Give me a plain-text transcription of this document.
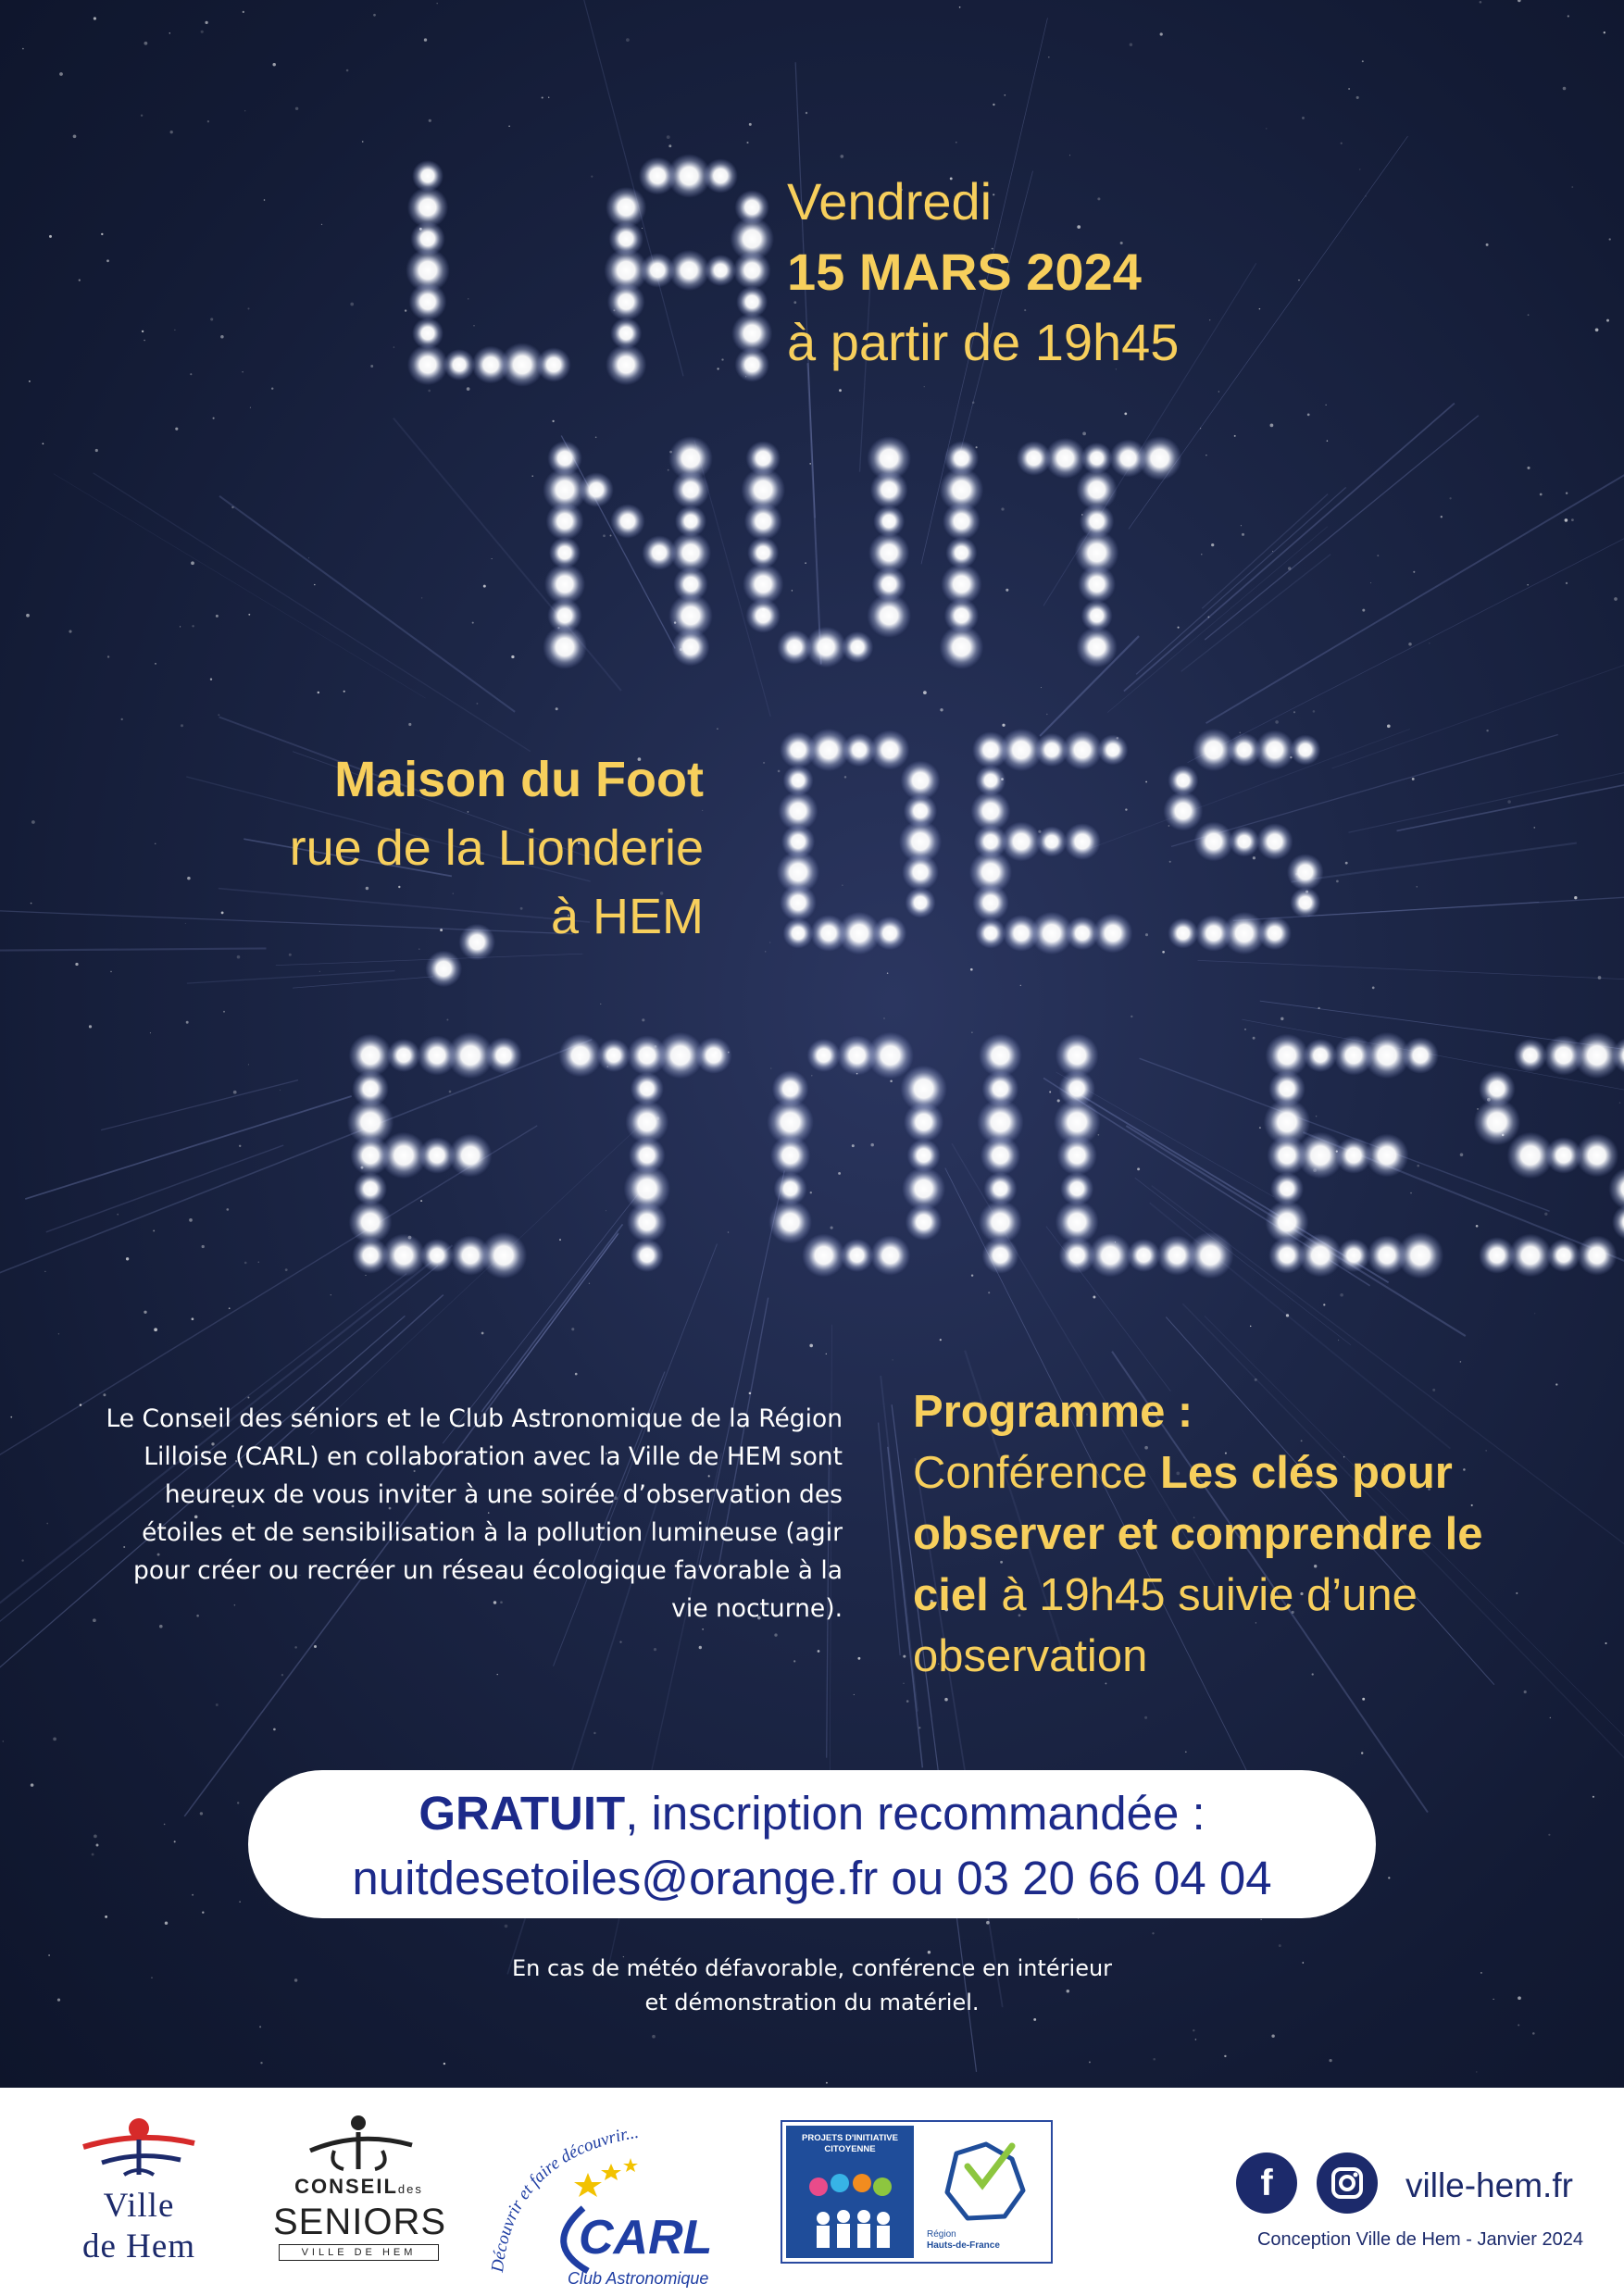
Vendredi
15 MARS 2024
à partir de 19h45
Maison du Foot
rue de la Lionderie
à HEM
Le Conseil des séniors et le Club Astronomique de la Région Lilloise (CARL) en collaboration avec la Ville de HEM sont heureux de vous inviter à une soirée d’observation des étoiles et de sensibilisation à la pollution lumineuse (agir pour créer ou recréer un réseau écologique favorable à la vie nocturne).
Programme :
Conférence Les clés pour observer et comprendre le ciel à 19h45 suivie d’une observation
GRATUIT, inscription recommandée :
nuitdesetoiles@orange.fr ou 03 20 66 04 04
En cas de météo défavorable, conférence en intérieur
et démonstration du matériel.
Ville
de Hem
CONSEILdes
SENIORS
VILLE DE HEM
Découvrir et faire découvrir...
CARL
Club Astronomique
PROJETS D'INITIATIVE CITOYENNE
Région
Hauts-de-France
f	ville-hem.fr
Conception Ville de Hem - Janvier 2024
